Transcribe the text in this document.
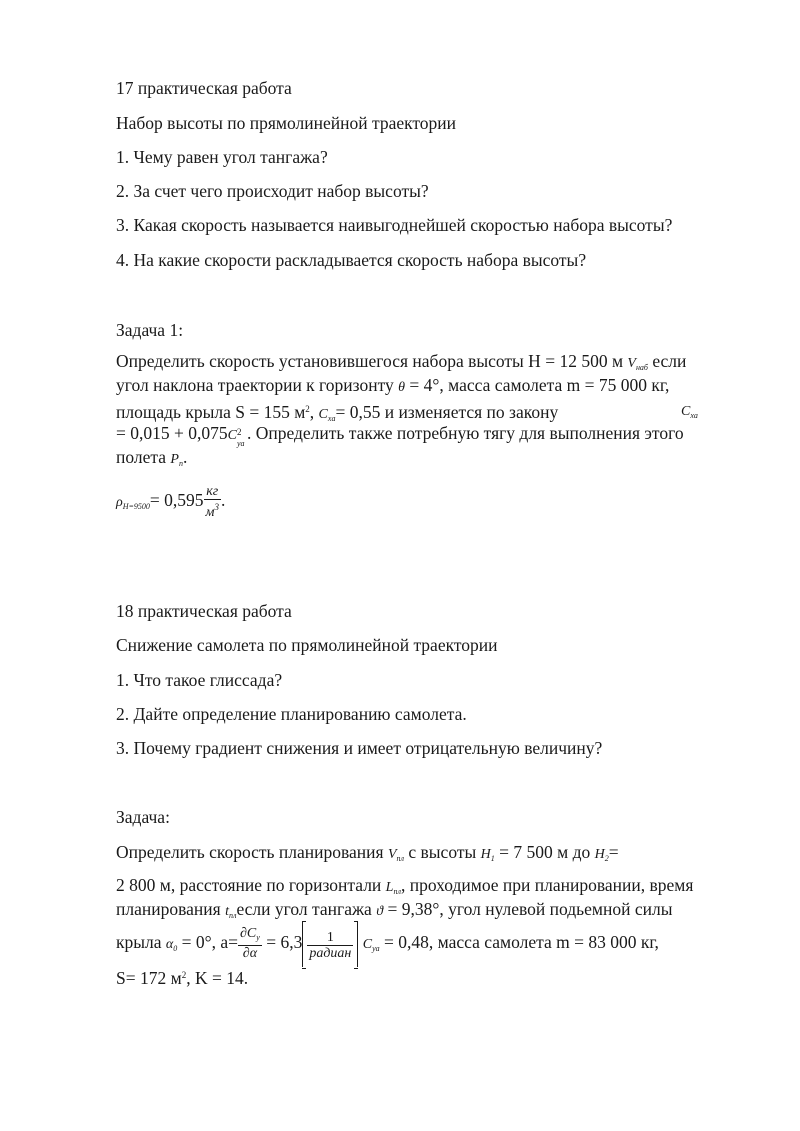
17 практическая работа
Набор высоты по прямолинейной траектории
1. Чему равен угол тангажа?
2. За счет чего происходит набор высоты?
3. Какая скорость называется наивыгоднейшей скоростью набора высоты?
4. На какие скорости раскладывается скорость набора высоты?
Задача 1:
Определить скорость установившегося набора высоты H = 12 500 м $V_{наб}$ если
угол наклона траектории к горизонту θ = 4°, масса самолета m = 75 000 кг,
площадь крыла S = 155 $м^2$, $C_{xa}= 0,55$ и изменяется по закону	$C_{xa}$
= 0,015 + 0,075C 2
ya
. Определить также потребную тягу для выполнения этого
полета $P_n$.
$\rho_{H=9500}= 0,595 \frac{кг}{м^3}$ .
18 практическая работа
Снижение самолета по прямолинейной траектории
1. Что такое глиссада?
2. Дайте определение планированию самолета.
3. Почему градиент снижения и имеет отрицательную величину?
Задача:
Определить скорость планирования $V_{пл}$ с высоты $H_1 = 7$ 500 м до $H_2=$
2 800 м, расстояние по горизонтали $L_{пл}$, проходимое при планировании, время
планирования $t_{пл}если$ угол тангажа ϑ = 9,38°, угол нулевой подьемной силы
крыла $\alpha_0 = 0^\circ$, $a= \frac{\partial C_y}{\partial\alpha} = 6,3 \frac{1}{\text{радиан}} C_{ya} = 0,48$, масса самолета m = 83 000 кг,
S= 172 $м^2$, K = 14.
